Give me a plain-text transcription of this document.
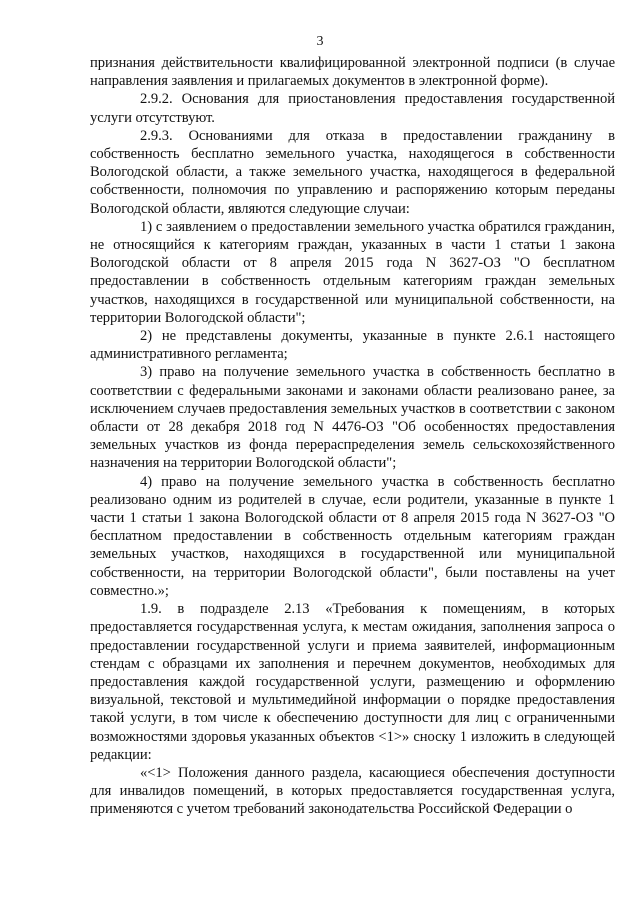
3

признания действительности квалифицированной электронной подписи (в случае направления заявления и прилагаемых документов в электронной форме).

2.9.2. Основания для приостановления предоставления государственной услуги отсутствуют.

2.9.3. Основаниями для отказа в предоставлении гражданину в собственность бесплатно земельного участка, находящегося в собственности Вологодской области, а также земельного участка, находящегося в федеральной собственности, полномочия по управлению и распоряжению которым переданы Вологодской области, являются следующие случаи:

1) с заявлением о предоставлении земельного участка обратился гражданин, не относящийся к категориям граждан, указанных в части 1 статьи 1 закона Вологодской области от 8 апреля 2015 года N 3627-ОЗ "О бесплатном предоставлении в собственность отдельным категориям граждан земельных участков, находящихся в государственной или муниципальной собственности, на территории Вологодской области";

2) не представлены документы, указанные в пункте 2.6.1 настоящего административного регламента;

3) право на получение земельного участка в собственность бесплатно в соответствии с федеральными законами и законами области реализовано ранее, за исключением случаев предоставления земельных участков в соответствии с законом области от 28 декабря 2018 год N 4476-ОЗ "Об особенностях предоставления земельных участков из фонда перераспределения земель сельскохозяйственного назначения на территории Вологодской области";

4) право на получение земельного участка в собственность бесплатно реализовано одним из родителей в случае, если родители, указанные в пункте 1 части 1 статьи 1 закона Вологодской области от 8 апреля 2015 года N 3627-ОЗ "О бесплатном предоставлении в собственность отдельным категориям граждан земельных участков, находящихся в государственной или муниципальной собственности, на территории Вологодской области", были поставлены на учет совместно.»;

1.9. в подразделе 2.13 «Требования к помещениям, в которых предоставляется государственная услуга, к местам ожидания, заполнения запроса о предоставлении государственной услуги и приема заявителей, информационным стендам с образцами их заполнения и перечнем документов, необходимых для предоставления каждой государственной услуги, размещению и оформлению визуальной, текстовой и мультимедийной информации о порядке предоставления такой услуги, в том числе к обеспечению доступности для лиц с ограниченными возможностями здоровья указанных объектов <1>» сноску 1 изложить в следующей редакции:

«<1> Положения данного раздела, касающиеся обеспечения доступности для инвалидов помещений, в которых предоставляется государственная услуга, применяются с учетом требований законодательства Российской Федерации о
